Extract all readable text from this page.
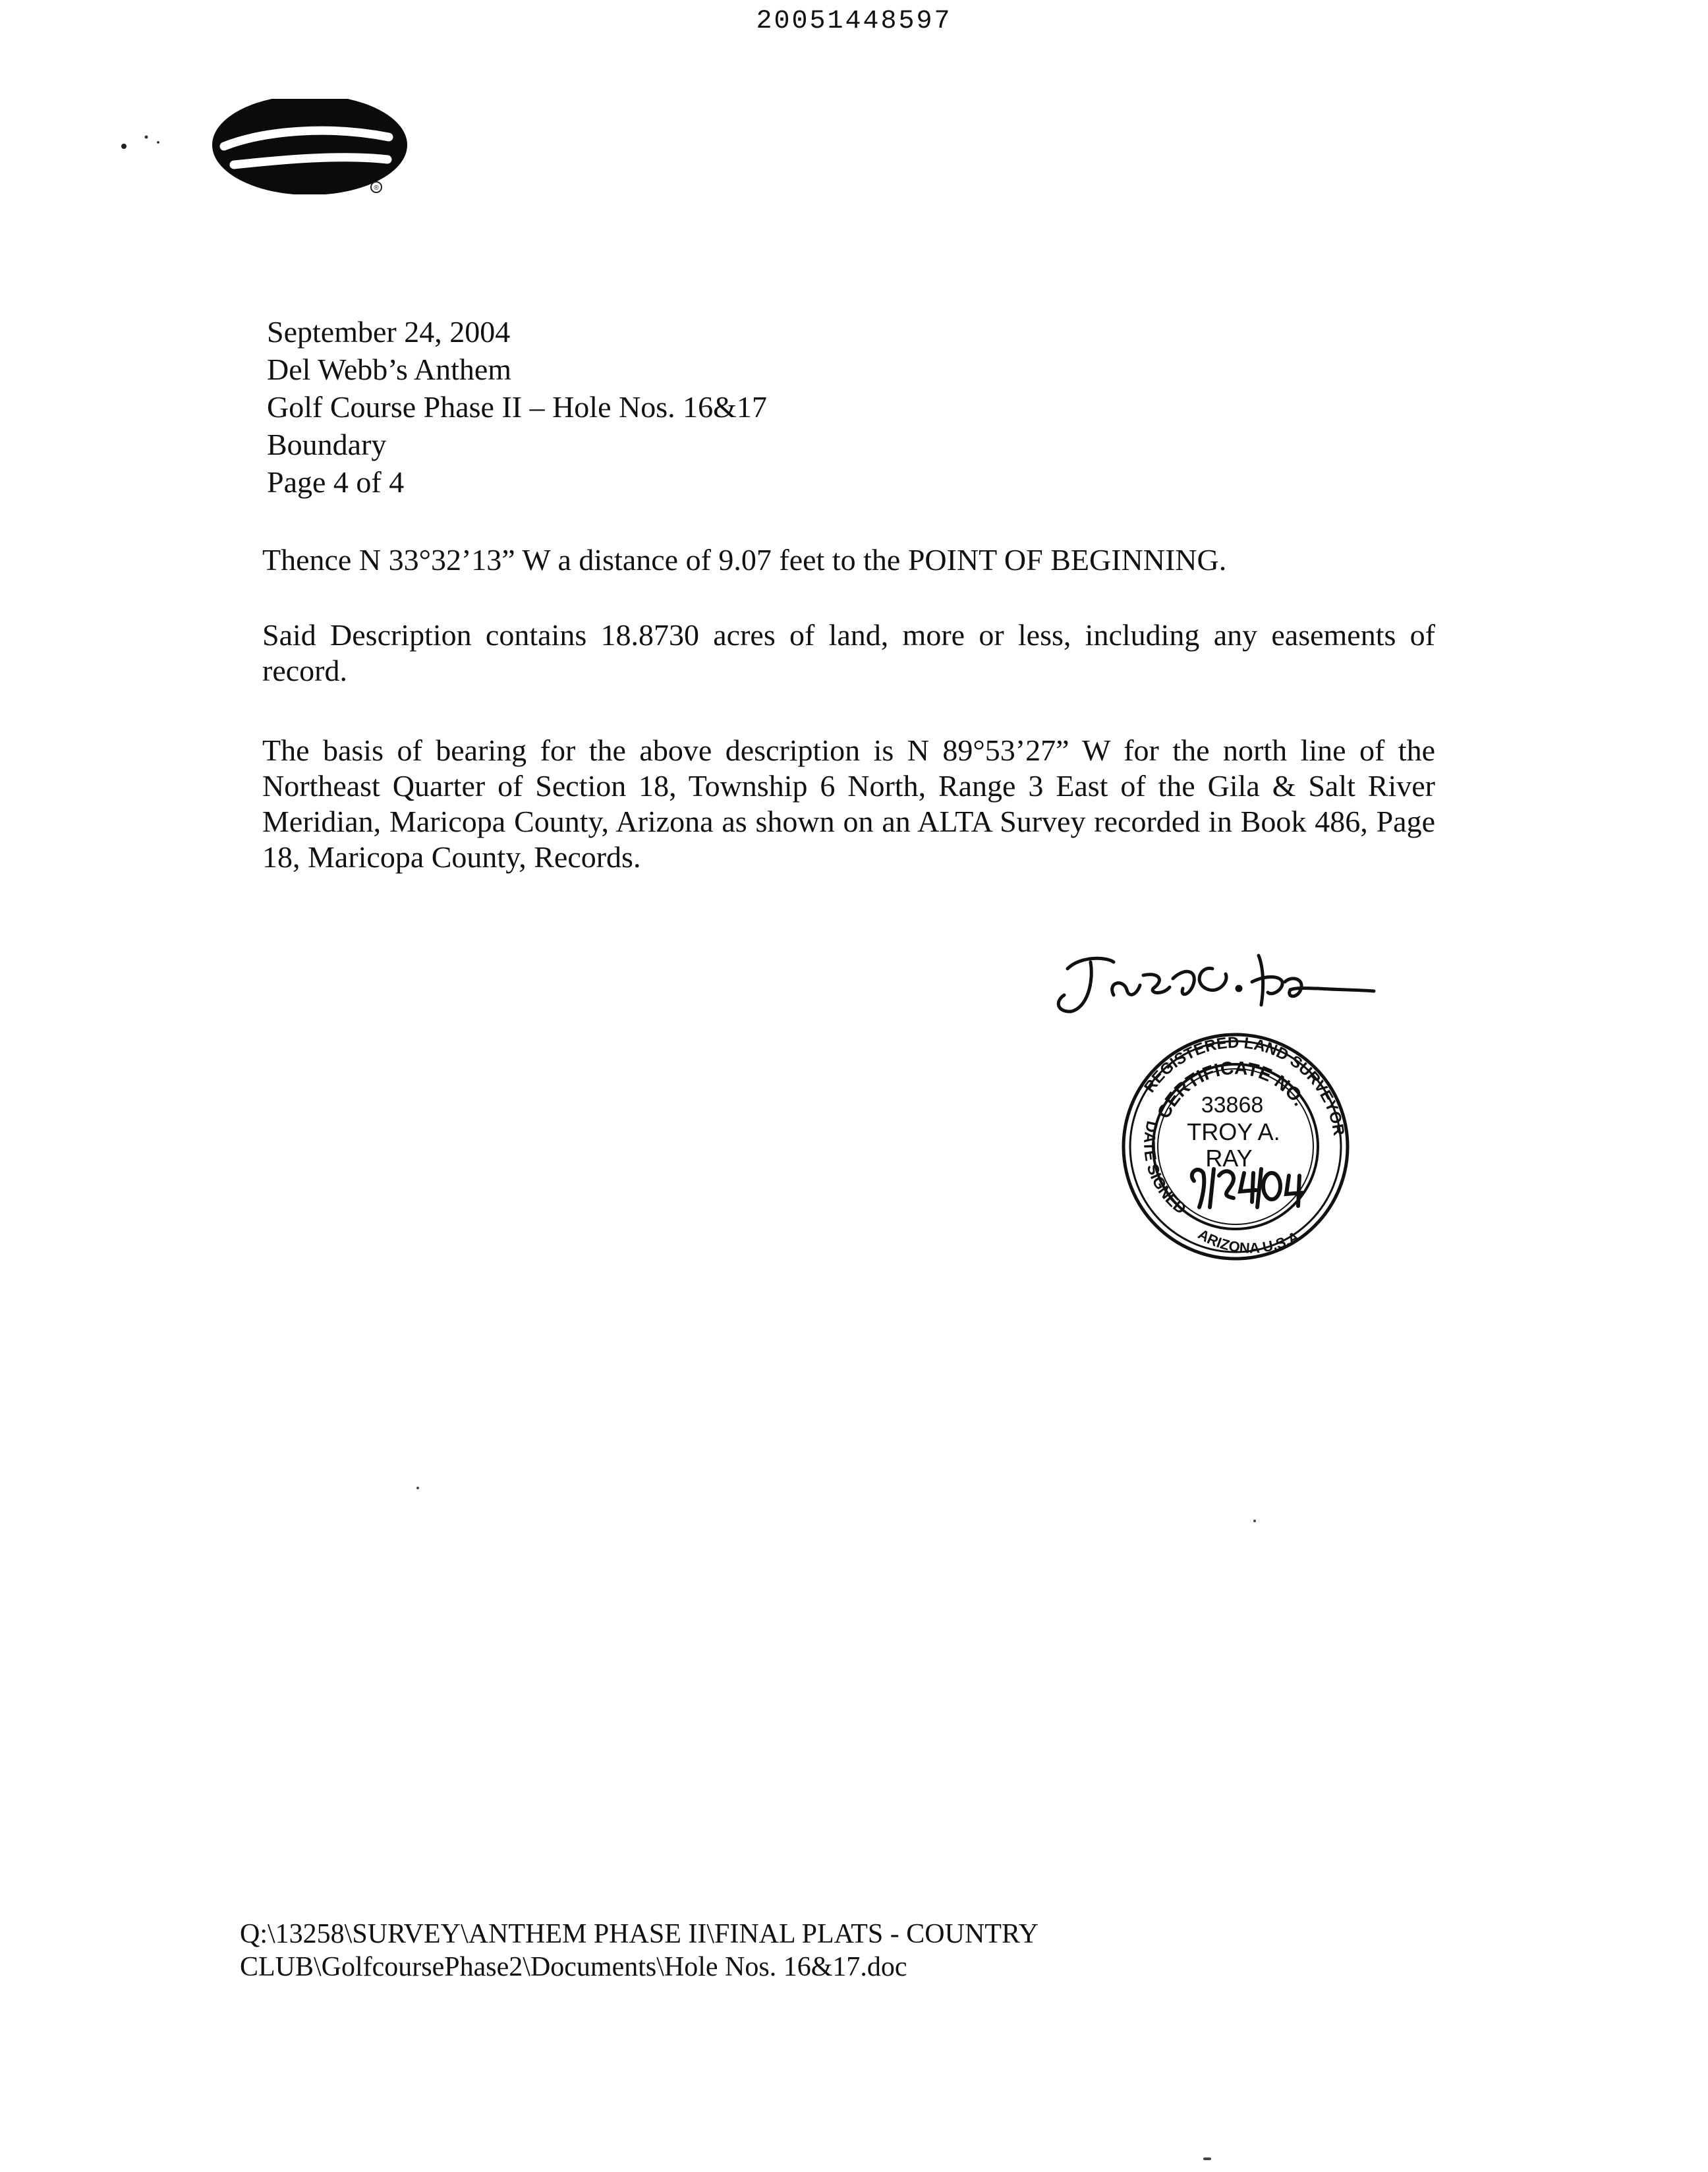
20051448597
®
September 24, 2004
Del Webb’s Anthem
Golf Course Phase II – Hole Nos. 16&17
Boundary
Page 4 of 4
Thence N 33°32’13” W a distance of 9.07 feet to the POINT OF BEGINNING.
Said Description contains 18.8730 acres of land, more or less, including any easements of record.
The basis of bearing for the above description is N 89°53’27” W for the north line of the Northeast Quarter of Section 18, Township 6 North, Range 3 East of the Gila & Salt River Meridian, Maricopa County, Arizona as shown on an ALTA Survey recorded in Book 486, Page 18, Maricopa County, Records.
REGISTERED LAND SURVEYOR
CERTIFICATE NO.
DATE SIGNED
ARIZONA U.S.A
33868
TROY A.
RAY
Q:\13258\SURVEY\ANTHEM PHASE II\FINAL PLATS - COUNTRY
CLUB\GolfcoursePhase2\Documents\Hole Nos. 16&17.doc
